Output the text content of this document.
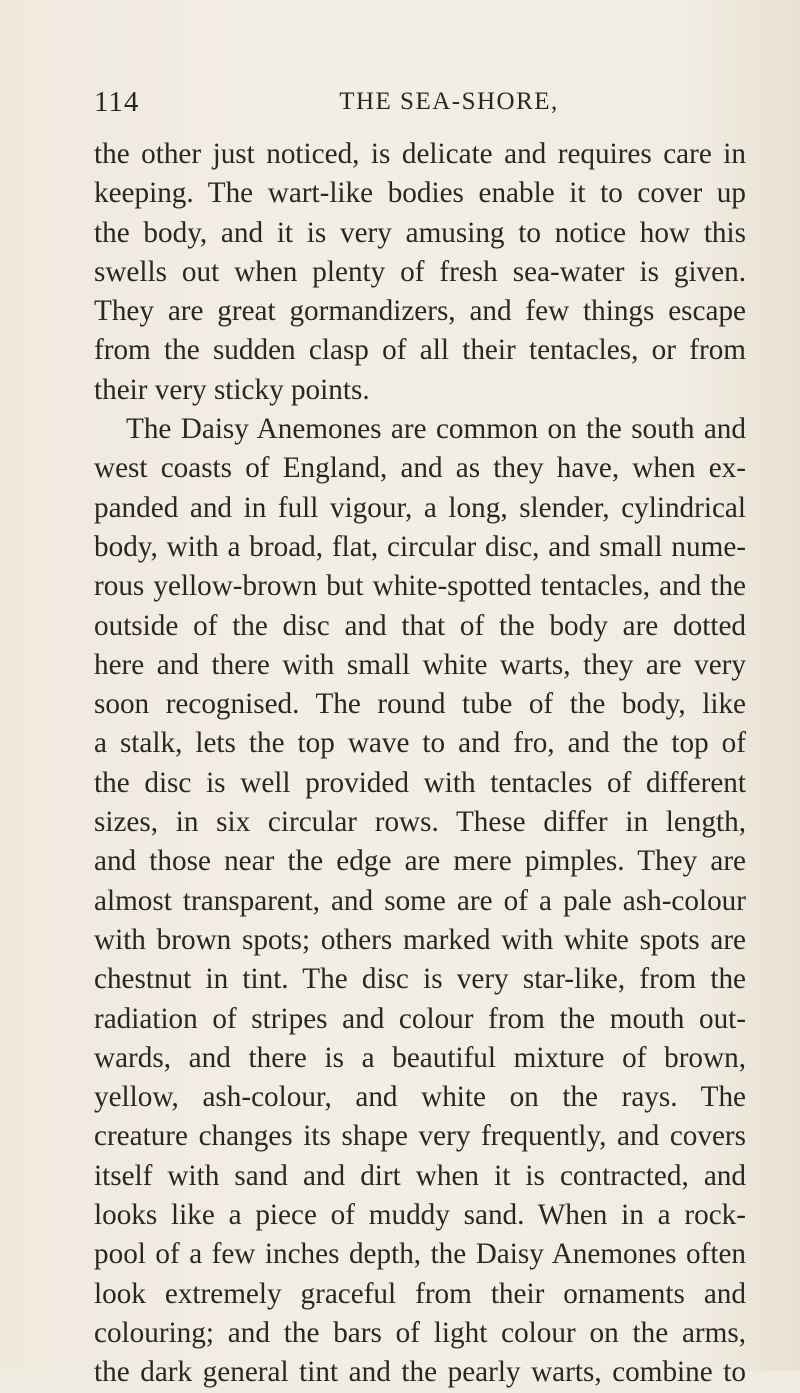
114	THE SEA-SHORE,
the other just noticed, is delicate and requires care in
keeping. The wart-like bodies enable it to cover up
the body, and it is very amusing to notice how this
swells out when plenty of fresh sea-water is given.
They are great gormandizers, and few things escape
from the sudden clasp of all their tentacles, or from
their very sticky points.
The Daisy Anemones are common on the south and
west coasts of England, and as they have, when ex-
panded and in full vigour, a long, slender, cylindrical
body, with a broad, flat, circular disc, and small nume-
rous yellow-brown but white-spotted tentacles, and the
outside of the disc and that of the body are dotted
here and there with small white warts, they are very
soon recognised. The round tube of the body, like
a stalk, lets the top wave to and fro, and the top of
the disc is well provided with tentacles of different
sizes, in six circular rows. These differ in length,
and those near the edge are mere pimples. They are
almost transparent, and some are of a pale ash-colour
with brown spots; others marked with white spots are
chestnut in tint. The disc is very star-like, from the
radiation of stripes and colour from the mouth out-
wards, and there is a beautiful mixture of brown,
yellow, ash-colour, and white on the rays. The
creature changes its shape very frequently, and covers
itself with sand and dirt when it is contracted, and
looks like a piece of muddy sand. When in a rock-
pool of a few inches depth, the Daisy Anemones often
look extremely graceful from their ornaments and
colouring; and the bars of light colour on the arms,
the dark general tint and the pearly warts, combine to
